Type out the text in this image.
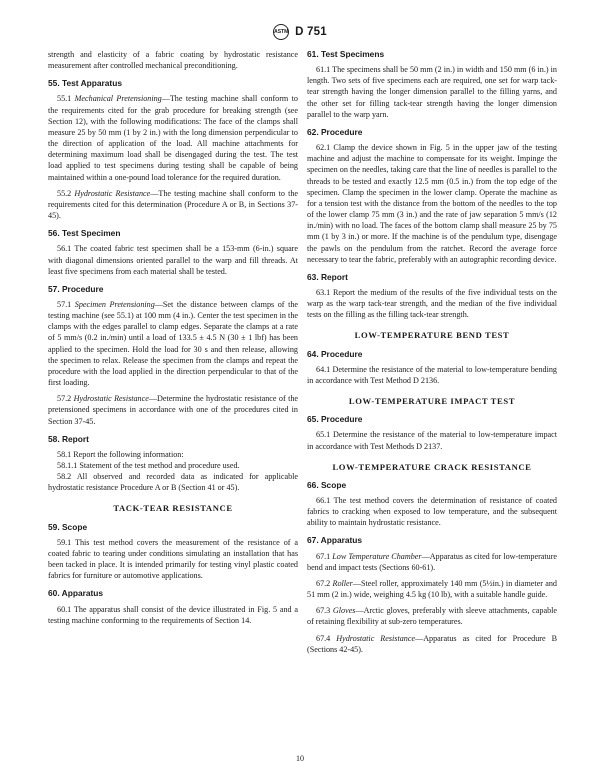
ASTM D 751

strength and elasticity of a fabric coating by hydrostatic resistance measurement after controlled mechanical preconditioning.

55. Test Apparatus

55.1 Mechanical Pretensioning—The testing machine shall conform to the requirements cited for the grab procedure for breaking strength (see Section 12), with the following modifications: The face of the clamps shall measure 25 by 50 mm (1 by 2 in.) with the long dimension perpendicular to the direction of application of the load. All machine attachments for determining maximum load shall be disengaged during the test. The test load applied to test specimens during testing shall be capable of being maintained within a one-pound load tolerance for the required duration.

55.2 Hydrostatic Resistance—The testing machine shall conform to the requirements cited for this determination (Procedure A or B, in Sections 37-45).

56. Test Specimen

56.1 The coated fabric test specimen shall be a 153-mm (6-in.) square with diagonal dimensions oriented parallel to the warp and fill threads. At least five specimens from each material shall be tested.

57. Procedure

57.1 Specimen Pretensioning—Set the distance between clamps of the testing machine (see 55.1) at 100 mm (4 in.). Center the test specimen in the clamps with the edges parallel to clamp edges. Separate the clamps at a rate of 5 mm/s (0.2 in./min) until a load of 133.5 ± 4.5 N (30 ± 1 lbf) has been applied to the specimen. Hold the load for 30 s and then release, allowing the specimen to relax. Release the specimen from the clamps and repeat the procedure with the load applied in the direction perpendicular to that of the first loading.

57.2 Hydrostatic Resistance—Determine the hydrostatic resistance of the pretensioned specimens in accordance with one of the procedures cited in Section 37-45.

58. Report

58.1 Report the following information:

58.1.1 Statement of the test method and procedure used.

58.2 All observed and recorded data as indicated for applicable hydrostatic resistance Procedure A or B (Section 41 or 45).

TACK-TEAR RESISTANCE
59. Scope

59.1 This test method covers the measurement of the resistance of a coated fabric to tearing under conditions simulating an installation that has been tacked in place. It is intended primarily for testing vinyl plastic coated fabrics for furniture or automotive applications.

60. Apparatus

60.1 The apparatus shall consist of the device illustrated in Fig. 5 and a testing machine conforming to the requirements of Section 14.

61. Test Specimens

61.1 The specimens shall be 50 mm (2 in.) in width and 150 mm (6 in.) in length. Two sets of five specimens each are required, one set for warp tack-tear strength having the longer dimension parallel to the filling yarns, and the other set for filling tack-tear strength having the longer dimension parallel to the warp yarn.

62. Procedure

62.1 Clamp the device shown in Fig. 5 in the upper jaw of the testing machine and adjust the machine to compensate for its weight. Impinge the specimen on the needles, taking care that the line of needles is parallel to the threads to be tested and exactly 12.5 mm (0.5 in.) from the top edge of the specimen. Clamp the specimen in the lower clamp. Operate the machine as for a tension test with the distance from the bottom of the needles to the top of the lower clamp 75 mm (3 in.) and the rate of jaw separation 5 mm/s (12 in./min) with no load. The faces of the bottom clamp shall measure 25 by 75 mm (1 by 3 in.) or more. If the machine is of the pendulum type, disengage the pawls on the pendulum from the ratchet. Record the average force necessary to tear the fabric, preferably with an autographic recording device.

63. Report

63.1 Report the medium of the results of the five individual tests on the warp as the warp tack-tear strength, and the median of the five individual tests on the filling as the filling tack-tear strength.

LOW-TEMPERATURE BEND TEST
64. Procedure

64.1 Determine the resistance of the material to low-temperature bending in accordance with Test Method D 2136.

LOW-TEMPERATURE IMPACT TEST
65. Procedure

65.1 Determine the resistance of the material to low-temperature impact in accordance with Test Methods D 2137.

LOW-TEMPERATURE CRACK RESISTANCE
66. Scope

66.1 The test method covers the determination of resistance of coated fabrics to cracking when exposed to low temperature, and the subsequent ability to maintain hydrostatic resistance.

67. Apparatus

67.1 Low Temperature Chamber—Apparatus as cited for low-temperature bend and impact tests (Sections 60-61).

67.2 Roller—Steel roller, approximately 140 mm (5½in.) in diameter and 51 mm (2 in.) wide, weighing 4.5 kg (10 lb), with a suitable handle guide.

67.3 Gloves—Arctic gloves, preferably with sleeve attachments, capable of retaining flexibility at sub-zero temperatures.

67.4 Hydrostatic Resistance—Apparatus as cited for Procedure B (Sections 42-45).

10
